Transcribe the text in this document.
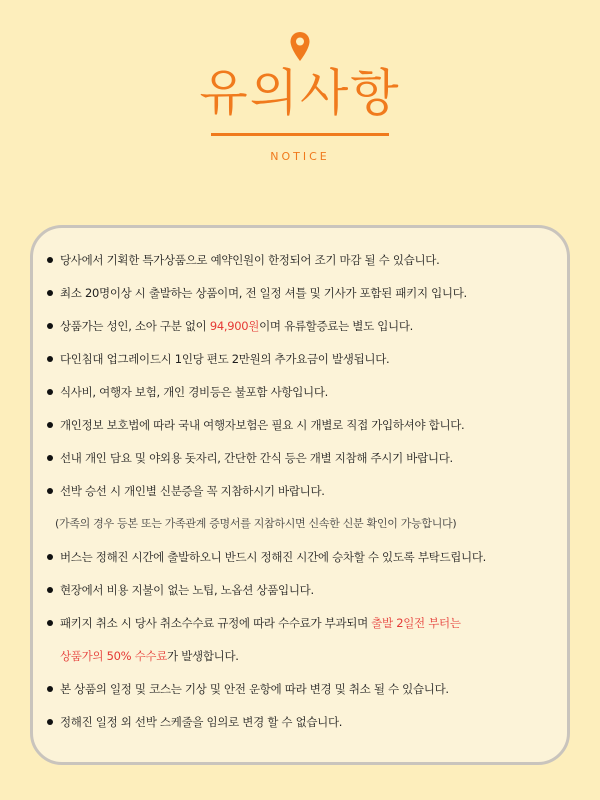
유의사항
NOTICE
당사에서 기획한 특가상품으로 예약인원이 한정되어 조기 마감 될 수 있습니다.
최소 20명이상 시 출발하는 상품이며, 전 일정 셔틀 및 기사가 포함된 패키지 입니다.
상품가는 성인, 소아 구분 없이 94,900원이며 유류할증료는 별도 입니다.
다인침대 업그레이드시 1인당 편도 2만원의 추가요금이 발생됩니다.
식사비, 여행자 보험, 개인 경비등은 불포함 사항입니다.
개인정보 보호법에 따라 국내 여행자보험은 필요 시 개별로 직접 가입하셔야 합니다.
선내 개인 담요 및 야외용 돗자리, 간단한 간식 등은 개별 지참해 주시기 바랍니다.
선박 승선 시 개인별 신분증을 꼭 지참하시기 바랍니다.
(가족의 경우 등본 또는 가족관계 증명서를 지참하시면 신속한 신분 확인이 가능합니다)
버스는 정해진 시간에 출발하오니 반드시 정해진 시간에 승차할 수 있도록 부탁드립니다.
현장에서 비용 지불이 없는 노팁, 노옵션 상품입니다.
패키지 취소 시 당사 취소수수료 규정에 따라 수수료가 부과되며 출발 2일전 부터는
상품가의 50% 수수료가 발생합니다.
본 상품의 일정 및 코스는 기상 및 안전 운항에 따라 변경 및 취소 될 수 있습니다.
정해진 일정 외 선박 스케줄을 임의로 변경 할 수 없습니다.
